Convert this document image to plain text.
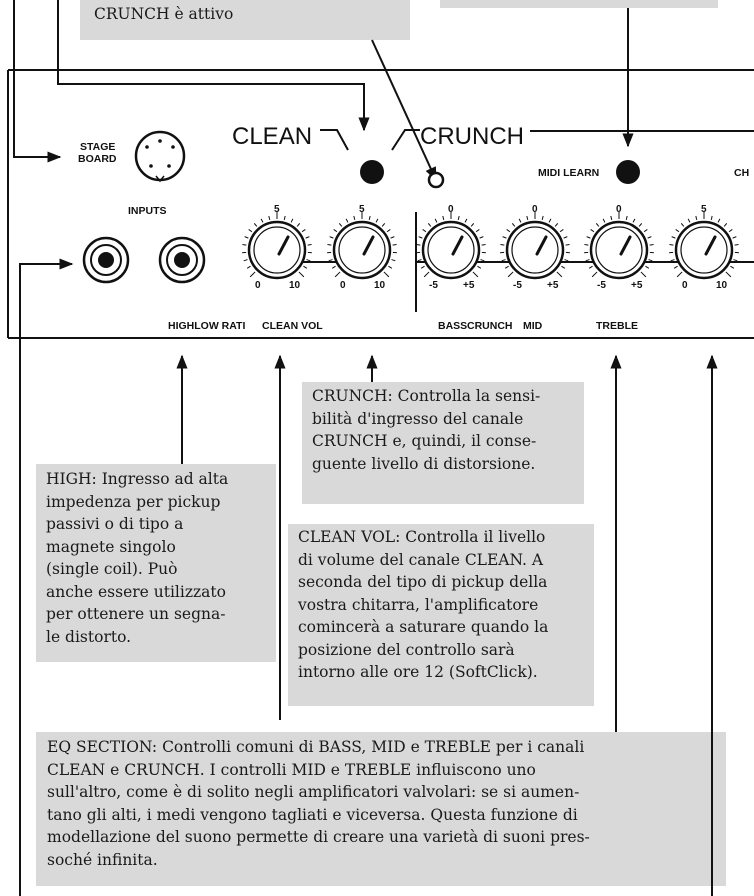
CRUNCH è attivo
CRUNCH: Controlla la sensi-
bilità d'ingresso del canale
CRUNCH e, quindi, il conse-
guente livello di distorsione.
HIGH: Ingresso ad alta
impedenza per pickup
passivi o di tipo a
magnete singolo
(single coil). Può
anche essere utilizzato
per ottenere un segna-
le distorto.
CLEAN VOL: Controlla il livello
di volume del canale CLEAN. A
seconda del tipo di pickup della
vostra chitarra, l'amplificatore
comincerà a saturare quando la
posizione del controllo sarà
intorno alle ore 12 (SoftClick).
EQ SECTION: Controlli comuni di BASS, MID e TREBLE per i canali
CLEAN e CRUNCH. I controlli MID e TREBLE influiscono uno
sull'altro, come è di solito negli amplificatori valvolari: se si aumen-
tano gli alti, i medi vengono tagliati e viceversa. Questa funzione di
modellazione del suono permette di creare una varietà di suoni pres-
soché infinita.
CLEAN	CRUNCH
MIDI LEARN	CH
STAGE
BOARD
INPUTS	5
0	10
5
0	10
0
-5	+5
0
-5	+5
0
-5	+5
5
0	10
HIGHLOW RATI CLEAN VOL	BASS CRUNCH MID	TREBLE
